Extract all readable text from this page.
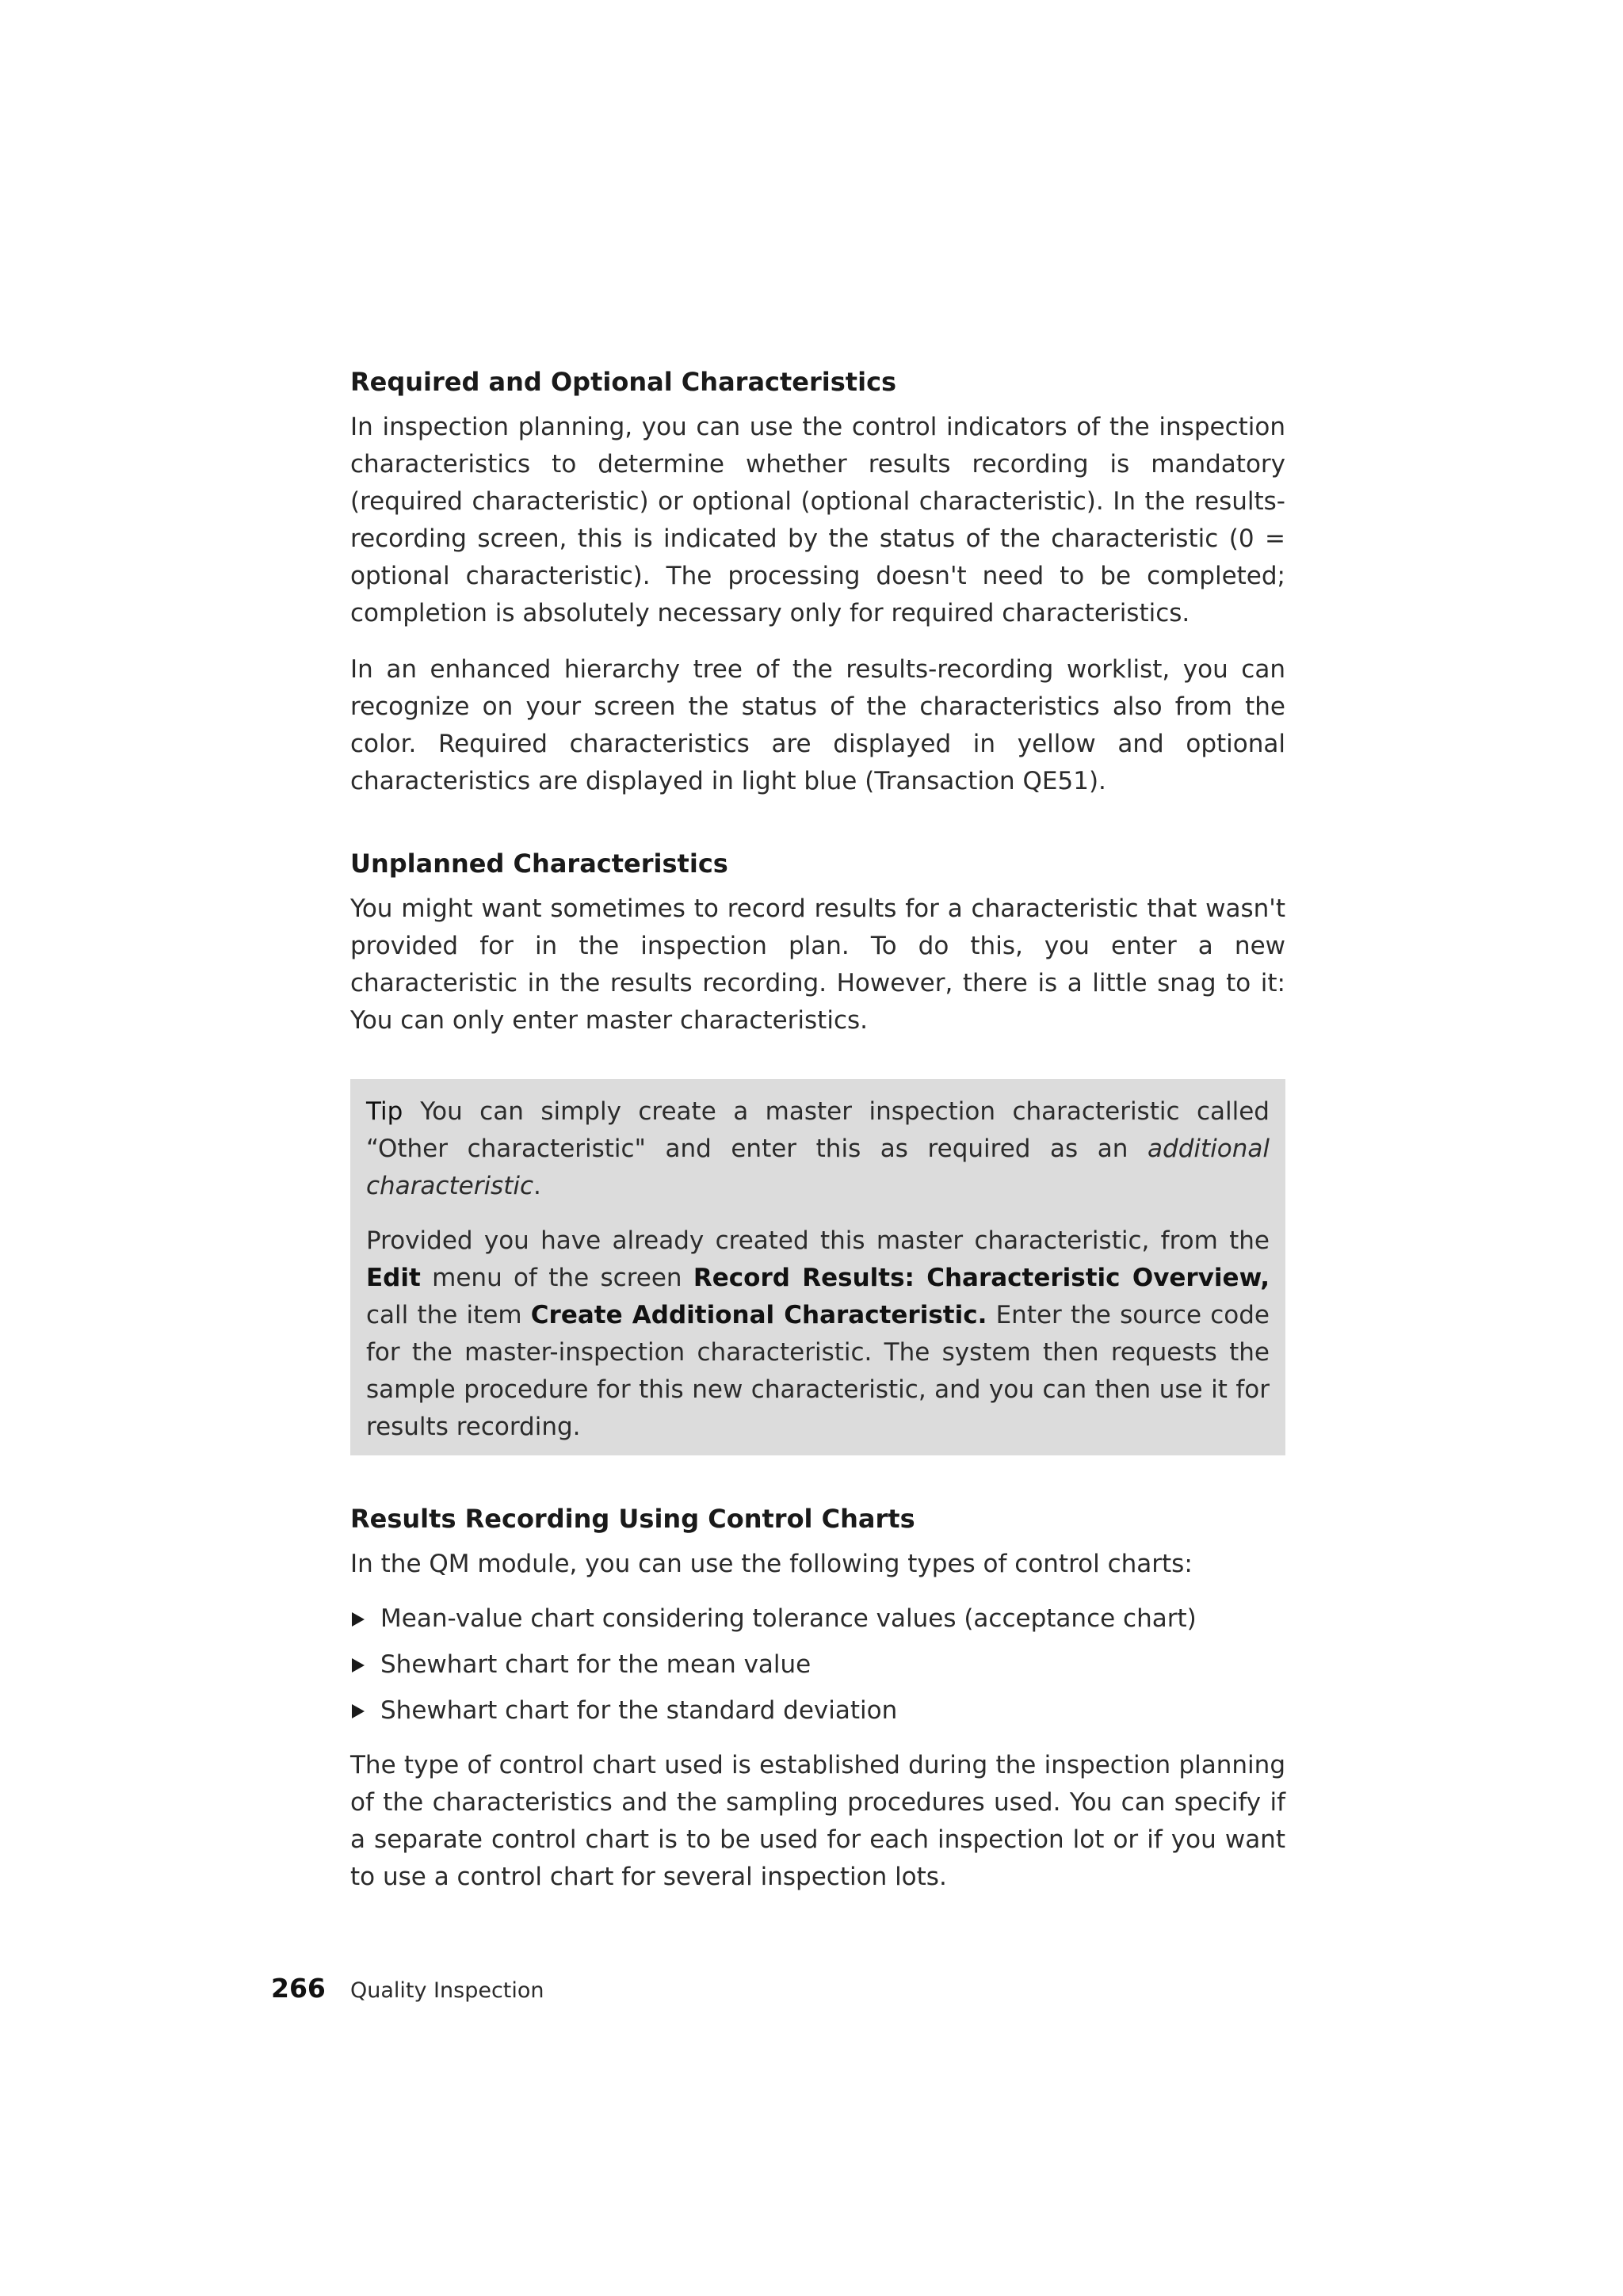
Required and Optional Characteristics

In inspection planning, you can use the control indicators of the inspection characteristics to determine whether results recording is mandatory (required characteristic) or optional (optional characteristic). In the results-recording screen, this is indicated by the status of the characteristic (0 = optional characteristic). The processing doesn't need to be completed; completion is absolutely necessary only for required characteristics.

In an enhanced hierarchy tree of the results-recording worklist, you can recognize on your screen the status of the characteristics also from the color. Required characteristics are displayed in yellow and optional characteristics are displayed in light blue (Transaction QE51).

Unplanned Characteristics

You might want sometimes to record results for a characteristic that wasn't provided for in the inspection plan. To do this, you enter a new characteristic in the results recording. However, there is a little snag to it: You can only enter master characteristics.

Tip You can simply create a master inspection characteristic called “Other characteristic" and enter this as required as an additional characteristic.

Provided you have already created this master characteristic, from the Edit menu of the screen Record Results: Characteristic Overview, call the item Create Additional Characteristic. Enter the source code for the master-inspection characteristic. The system then requests the sample procedure for this new characteristic, and you can then use it for results recording.

Results Recording Using Control Charts

In the QM module, you can use the following types of control charts:

Mean-value chart considering tolerance values (acceptance chart)
Shewhart chart for the mean value
Shewhart chart for the standard deviation

The type of control chart used is established during the inspection planning of the characteristics and the sampling procedures used. You can specify if a separate control chart is to be used for each inspection lot or if you want to use a control chart for several inspection lots.

266	Quality Inspection
